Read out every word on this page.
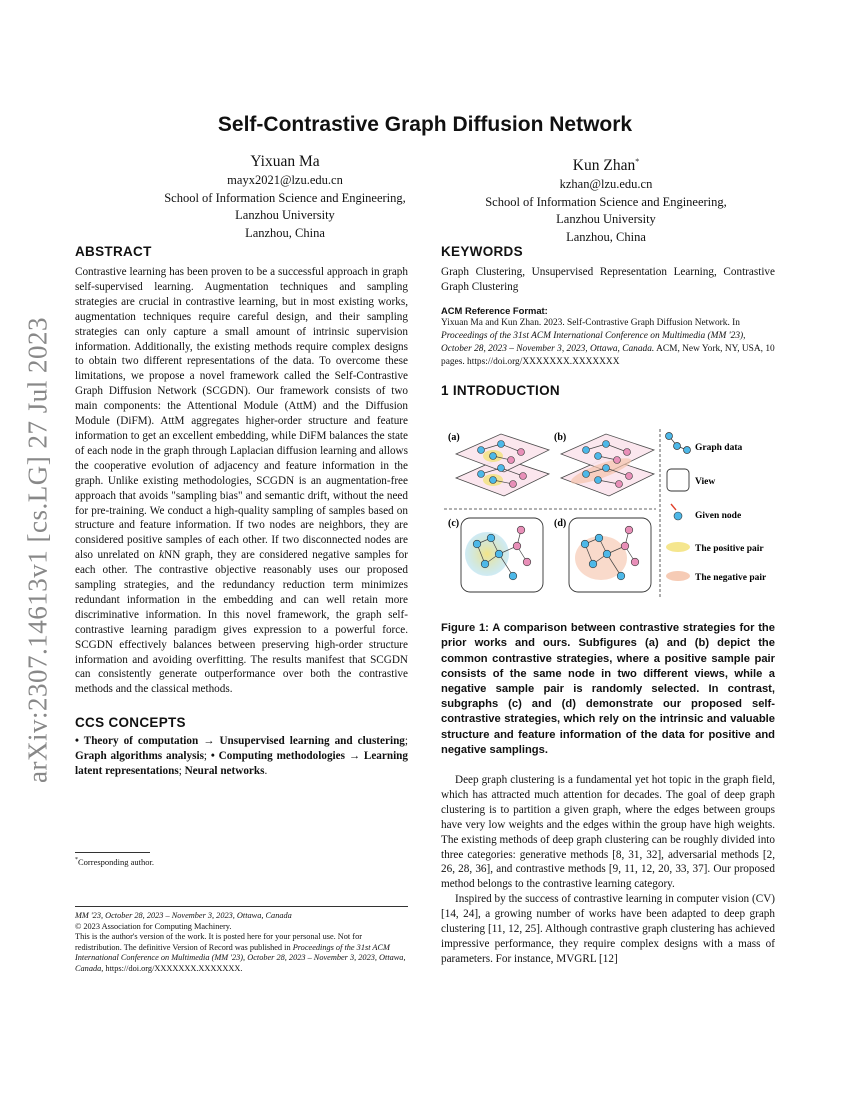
arXiv:2307.14613v1 [cs.LG] 27 Jul 2023
Self-Contrastive Graph Diffusion Network
Yixuan Ma
mayx2021@lzu.edu.cn
School of Information Science and Engineering,
Lanzhou University
Lanzhou, China
Kun Zhan*
kzhan@lzu.edu.cn
School of Information Science and Engineering,
Lanzhou University
Lanzhou, China
ABSTRACT

Contrastive learning has been proven to be a successful approach in graph self-supervised learning. Augmentation techniques and sampling strategies are crucial in contrastive learning, but in most existing works, augmentation techniques require careful design, and their sampling strategies can only capture a small amount of intrinsic supervision information. Additionally, the existing methods require complex designs to obtain two different representations of the data. To overcome these limitations, we propose a novel framework called the Self-Contrastive Graph Diffusion Network (SCGDN). Our framework consists of two main components: the Attentional Module (AttM) and the Diffusion Module (DiFM). AttM aggregates higher-order structure and feature information to get an excellent embedding, while DiFM balances the state of each node in the graph through Laplacian diffusion learning and allows the cooperative evolution of adjacency and feature information in the graph. Unlike existing methodologies, SCGDN is an augmentation-free approach that avoids "sampling bias" and semantic drift, without the need for pre-training. We conduct a high-quality sampling of samples based on structure and feature information. If two nodes are neighbors, they are considered positive samples of each other. If two disconnected nodes are also unrelated on kNN graph, they are considered negative samples for each other. The contrastive objective reasonably uses our proposed sampling strategies, and the redundancy reduction term minimizes redundant information in the embedding and can well retain more discriminative information. In this novel framework, the graph self-contrastive learning paradigm gives expression to a powerful force. SCGDN effectively balances between preserving high-order structure information and avoiding overfitting. The results manifest that SCGDN can consistently generate outperformance over both the contrastive methods and the classical methods.

CCS CONCEPTS

• Theory of computation → Unsupervised learning and clustering; Graph algorithms analysis; • Computing methodologies → Learning latent representations; Neural networks.

*Corresponding author.
MM '23, October 28, 2023 – November 3, 2023, Ottawa, Canada
© 2023 Association for Computing Machinery.
This is the author's version of the work. It is posted here for your personal use. Not for redistribution. The definitive Version of Record was published in Proceedings of the 31st ACM International Conference on Multimedia (MM '23), October 28, 2023 – November 3, 2023, Ottawa, Canada, https://doi.org/XXXXXXX.XXXXXXX.
KEYWORDS

Graph Clustering, Unsupervised Representation Learning, Contrastive Graph Clustering

ACM Reference Format:
Yixuan Ma and Kun Zhan. 2023. Self-Contrastive Graph Diffusion Network. In Proceedings of the 31st ACM International Conference on Multimedia (MM '23), October 28, 2023 – November 3, 2023, Ottawa, Canada. ACM, New York, NY, USA, 10 pages. https://doi.org/XXXXXXX.XXXXXXX
1 INTRODUCTION
(a)	(b)
(c)	(d)
Graph data
View
Given node
The positive pair
The negative pair

Figure 1: A comparison between contrastive strategies for the prior works and ours. Subfigures (a) and (b) depict the common contrastive strategies, where a positive sample pair consists of the same node in two different views, while a negative sample pair is randomly selected. In contrast, subgraphs (c) and (d) demonstrate our proposed self-contrastive strategies, which rely on the intrinsic and valuable structure and feature information of the data for positive and negative samplings.

Deep graph clustering is a fundamental yet hot topic in the graph field, which has attracted much attention for decades. The goal of deep graph clustering is to partition a given graph, where the edges between groups have very low weights and the edges within the group have high weights. The existing methods of deep graph clustering can be roughly divided into three categories: generative methods [8, 31, 32], adversarial methods [2, 26, 28, 36], and contrastive methods [9, 11, 12, 20, 33, 37]. Our proposed method belongs to the contrastive learning category.

Inspired by the success of contrastive learning in computer vision (CV) [14, 24], a growing number of works have been adapted to deep graph clustering [11, 12, 25]. Although contrastive graph clustering has achieved impressive performance, they require complex designs with a mass of parameters. For instance, MVGRL [12]
